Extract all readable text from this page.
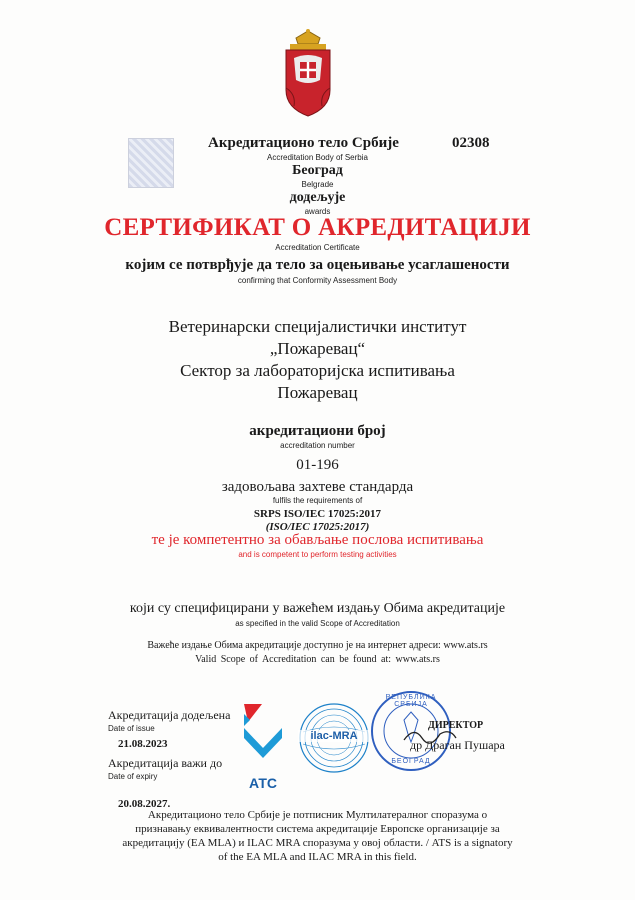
Акредитационо тело Србије	02308
Accreditation Body of Serbia
Београд
Belgrade
додељује
awards
СЕРТИФИКАТ О АКРЕДИТАЦИЈИ
Accreditation Certificate
којим се потврђује да тело за оцењивање усаглашености
confirming that Conformity Assessment Body
Ветеринарски специјалистички институт
„Пожаревац“
Сектор за лабораторијска испитивања
Пожаревац
акредитациони број
accreditation number
01-196
задовољава захтеве стандарда
fulfils the requirements of
SRPS ISO/IEC 17025:2017
(ISO/IEC 17025:2017)
те је компетентно за обављање послова испитивања
and is competent to perform testing activities
који су специфицирани у важећем издању Обима акредитације
as specified in the valid Scope of Accreditation
Важеће издање Обима акредитације доступно је на интернет адреси: www.ats.rs
Valid Scope of Accreditation can be found at: www.ats.rs
Акредитација додељена
Date of issue
21.08.2023
Акредитација важи до
Date of expiry
20.08.2027.
АТС
ilac-MRA
РЕПУБЛИКА СРБИЈА
БЕОГРАД
ДИРЕКТОР
др Драган Пушара
Акредитационо тело Србије је потписник Мултилатералног споразума о
признавању еквивалентности система акредитације Европске организације за
акредитацију (EA MLA) и ILAC MRA споразума у овој области. / ATS is a signatory
of the EA MLA and ILAC MRA in this field.
